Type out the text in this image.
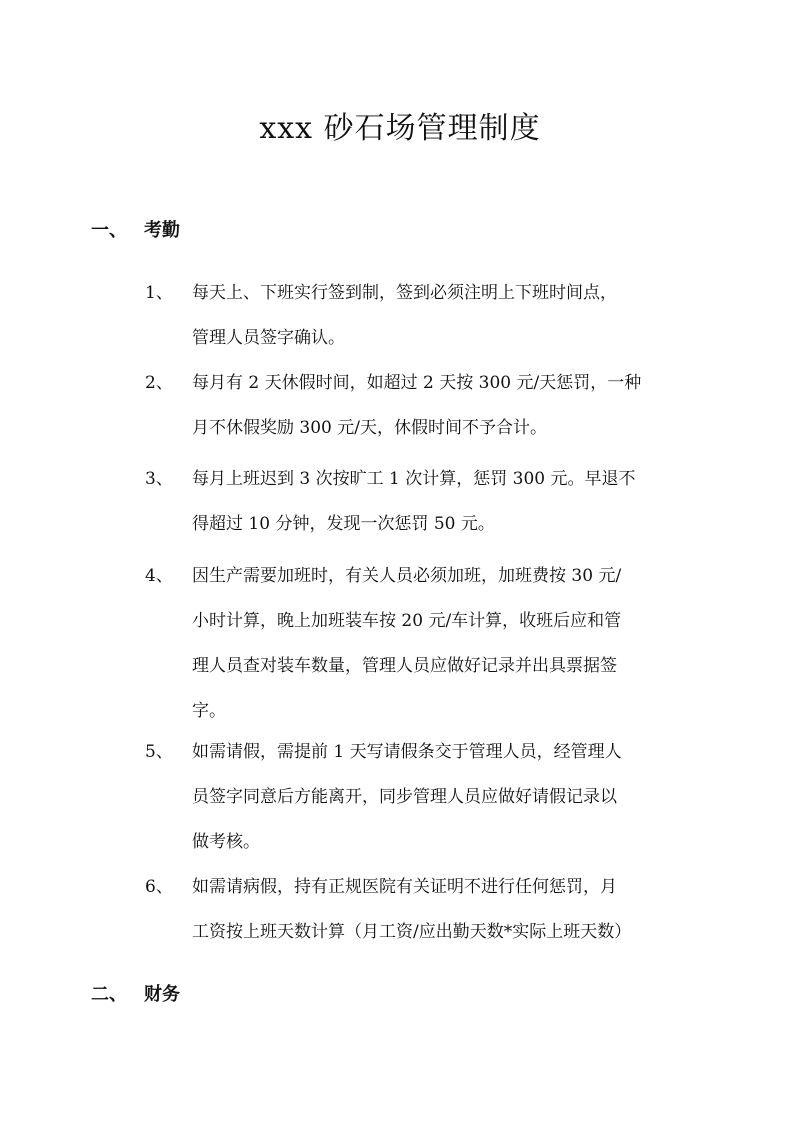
xxx 砂石场管理制度
一、 考勤
1、	每天上、下班实行签到制，签到必须注明上下班时间点，
管理人员签字确认。
2、	每月有 2 天休假时间，如超过 2 天按 300 元/天惩罚，一种
月不休假奖励 300 元/天，休假时间不予合计。
3、	每月上班迟到 3 次按旷工 1 次计算，惩罚 300 元。早退不
得超过 10 分钟，发现一次惩罚 50 元。
4、	因生产需要加班时，有关人员必须加班，加班费按 30 元/
小时计算，晚上加班装车按 20 元/车计算，收班后应和管
理人员查对装车数量，管理人员应做好记录并出具票据签
字。
5、	如需请假，需提前 1 天写请假条交于管理人员，经管理人
员签字同意后方能离开，同步管理人员应做好请假记录以
做考核。
6、	如需请病假，持有正规医院有关证明不进行任何惩罚，月
工资按上班天数计算（月工资/应出勤天数*实际上班天数）
二、 财务
